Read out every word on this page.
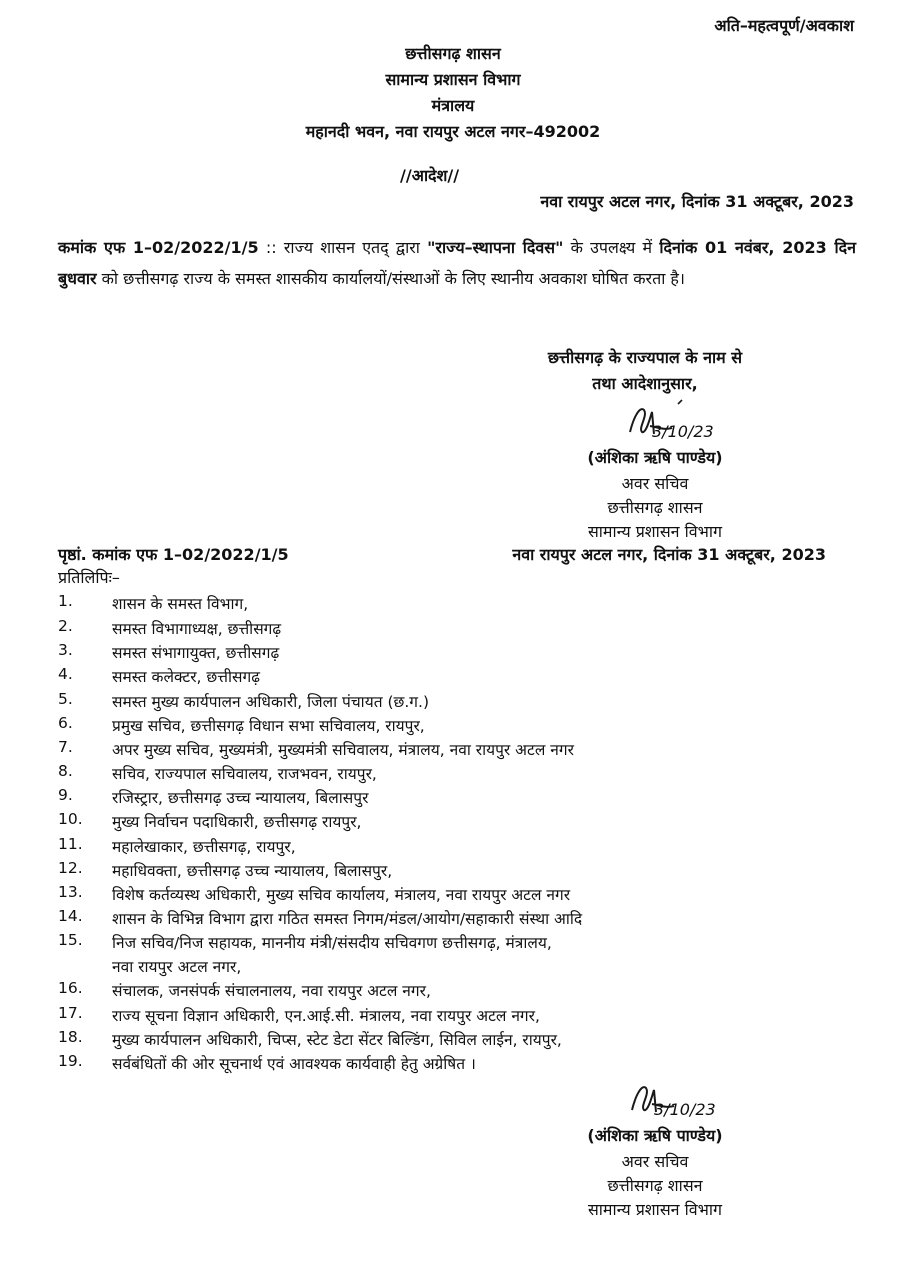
अति–महत्वपूर्ण/अवकाश
छत्तीसगढ़ शासन
सामान्य प्रशासन विभाग
मंत्रालय
महानदी भवन, नवा रायपुर अटल नगर–492002
//आदेश//
नवा रायपुर अटल नगर, दिनांक 31 अक्टूबर, 2023
कमांक एफ 1–02/2022/1/5 :: राज्य शासन एतद् द्वारा "राज्य–स्थापना दिवस" के उपलक्ष्य में दिनांक 01 नवंबर, 2023 दिन बुधवार को छत्तीसगढ़ राज्य के समस्त शासकीय कार्यालयों/संस्थाओं के लिए स्थानीय अवकाश घोषित करता है।
छत्तीसगढ़ के राज्यपाल के नाम से
तथा आदेशानुसार,
3/10/23
(अंशिका ऋषि पाण्डेय)
अवर सचिव
छत्तीसगढ़ शासन
सामान्य प्रशासन विभाग
पृष्ठां. कमांक एफ 1–02/2022/1/5	नवा रायपुर अटल नगर, दिनांक 31 अक्टूबर, 2023
प्रतिलिपिः–
1.	शासन के समस्त विभाग,
2.	समस्त विभागाध्यक्ष, छत्तीसगढ़
3.	समस्त संभागायुक्त, छत्तीसगढ़
4.	समस्त कलेक्टर, छत्तीसगढ़
5.	समस्त मुख्य कार्यपालन अधिकारी, जिला पंचायत (छ.ग.)
6.	प्रमुख सचिव, छत्तीसगढ़ विधान सभा सचिवालय, रायपुर,
7.	अपर मुख्य सचिव, मुख्यमंत्री, मुख्यमंत्री सचिवालय, मंत्रालय, नवा रायपुर अटल नगर
8.	सचिव, राज्यपाल सचिवालय, राजभवन, रायपुर,
9.	रजिस्ट्रार, छत्तीसगढ़ उच्च न्यायालय, बिलासपुर
10. मुख्य निर्वाचन पदाधिकारी, छत्तीसगढ़ रायपुर,
11. महालेखाकार, छत्तीसगढ़, रायपुर,
12. महाधिवक्ता, छत्तीसगढ़ उच्च न्यायालय, बिलासपुर,
13. विशेष कर्तव्यस्थ अधिकारी, मुख्य सचिव कार्यालय, मंत्रालय, नवा रायपुर अटल नगर
14. शासन के विभिन्न विभाग द्वारा गठित समस्त निगम/मंडल/आयोग/सहाकारी संस्था आदि
15. निज सचिव/निज सहायक, माननीय मंत्री/संसदीय सचिवगण छत्तीसगढ़, मंत्रालय,
नवा रायपुर अटल नगर,
16. संचालक, जनसंपर्क संचालनालय, नवा रायपुर अटल नगर,
17. राज्य सूचना विज्ञान अधिकारी, एन.आई.सी. मंत्रालय, नवा रायपुर अटल नगर,
18. मुख्य कार्यपालन अधिकारी, चिप्स, स्टेट डेटा सेंटर बिल्डिंग, सिविल लाईन, रायपुर,
19. सर्वबंधितों की ओर सूचनार्थ एवं आवश्यक कार्यवाही हेतु अग्रेषित ।
3/10/23
(अंशिका ऋषि पाण्डेय)
अवर सचिव
छत्तीसगढ़ शासन
सामान्य प्रशासन विभाग
